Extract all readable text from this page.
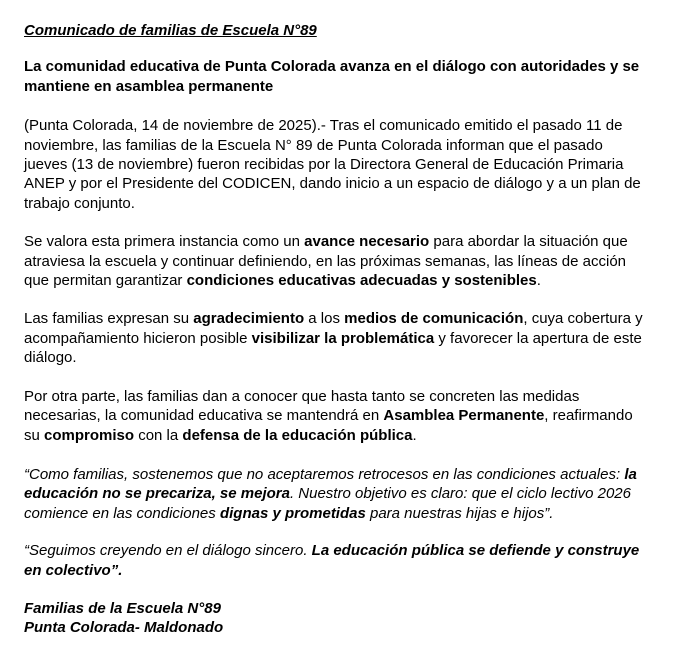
Comunicado de familias de Escuela N°89

La comunidad educativa de Punta Colorada avanza en el diálogo con autoridades y se mantiene en asamblea permanente

(Punta Colorada, 14 de noviembre de 2025).- Tras el comunicado emitido el pasado 11 de noviembre, las familias de la Escuela N° 89 de Punta Colorada informan que el pasado jueves (13 de noviembre) fueron recibidas por la Directora General de Educación Primaria ANEP y por el Presidente del CODICEN, dando inicio a un espacio de diálogo y a un plan de trabajo conjunto.

Se valora esta primera instancia como un avance necesario para abordar la situación que atraviesa la escuela y continuar definiendo, en las próximas semanas, las líneas de acción que permitan garantizar condiciones educativas adecuadas y sostenibles.

Las familias expresan su agradecimiento a los medios de comunicación, cuya cobertura y acompañamiento hicieron posible visibilizar la problemática y favorecer la apertura de este diálogo.

Por otra parte, las familias dan a conocer que hasta tanto se concreten las medidas necesarias, la comunidad educativa se mantendrá en Asamblea Permanente, reafirmando su compromiso con la defensa de la educación pública.

“Como familias, sostenemos que no aceptaremos retrocesos en las condiciones actuales: la educación no se precariza, se mejora. Nuestro objetivo es claro: que el ciclo lectivo 2026 comience en las condiciones dignas y prometidas para nuestras hijas e hijos”.

“Seguimos creyendo en el diálogo sincero. La educación pública se defiende y construye en colectivo”.

Familias de la Escuela N°89
Punta Colorada- Maldonado
